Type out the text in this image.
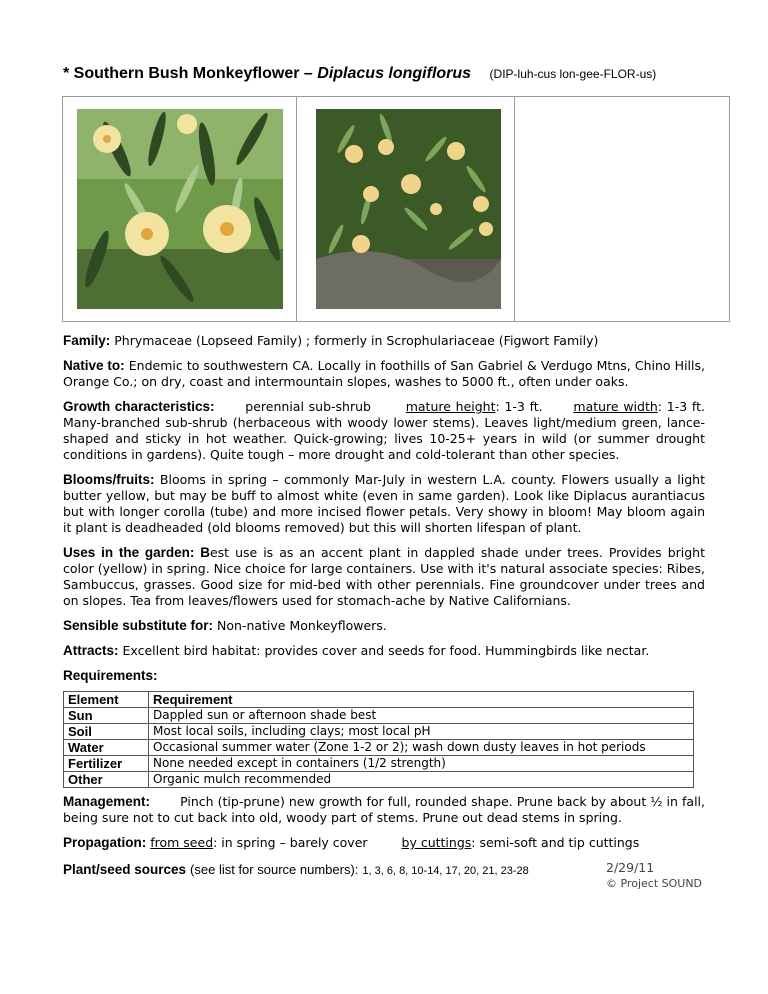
* Southern Bush Monkeyflower – Diplacus longiflorus (DIP-luh-cus lon-gee-FLOR-us)

Family: Phrymaceae (Lopseed Family) ; formerly in Scrophulariaceae (Figwort Family)

Native to: Endemic to southwestern CA. Locally in foothills of San Gabriel & Verdugo Mtns, Chino Hills, Orange Co.; on dry, coast and intermountain slopes, washes to 5000 ft., often under oaks.

Growth characteristics: perennial sub-shrub	mature height: 1-3 ft. mature width: 1-3 ft. Many-branched sub-shrub (herbaceous with woody lower stems). Leaves light/medium green, lance-shaped and sticky in hot weather. Quick-growing; lives 10-25+ years in wild (or summer drought conditions in gardens). Quite tough – more drought and cold-tolerant than other species.

Blooms/fruits: Blooms in spring – commonly Mar-July in western L.A. county. Flowers usually a light butter yellow, but may be buff to almost white (even in same garden). Look like Diplacus aurantiacus but with longer corolla (tube) and more incised flower petals. Very showy in bloom! May bloom again it plant is deadheaded (old blooms removed) but this will shorten lifespan of plant.

Uses in the garden: Best use is as an accent plant in dappled shade under trees. Provides bright color (yellow) in spring. Nice choice for large containers. Use with it's natural associate species: Ribes, Sambuccus, grasses. Good size for mid-bed with other perennials. Fine groundcover under trees and on slopes. Tea from leaves/flowers used for stomach-ache by Native Californians.

Sensible substitute for: Non-native Monkeyflowers.

Attracts: Excellent bird habitat: provides cover and seeds for food. Hummingbirds like nectar.

Requirements:

Element	Requirement
Sun	Dappled sun or afternoon shade best
Soil	Most local soils, including clays; most local pH
Water	Occasional summer water (Zone 1-2 or 2); wash down dusty leaves in hot periods
Fertilizer	None needed except in containers (1/2 strength)
Other	Organic mulch recommended

Management: Pinch (tip-prune) new growth for full, rounded shape. Prune back by about ½ in fall, being sure not to cut back into old, woody part of stems. Prune out dead stems in spring.

Propagation: from seed: in spring – barely cover	by cuttings: semi-soft and tip cuttings

Plant/seed sources (see list for source numbers): 1, 3, 6, 8, 10-14, 17, 20, 21, 23-28	2/29/11
© Project SOUND
